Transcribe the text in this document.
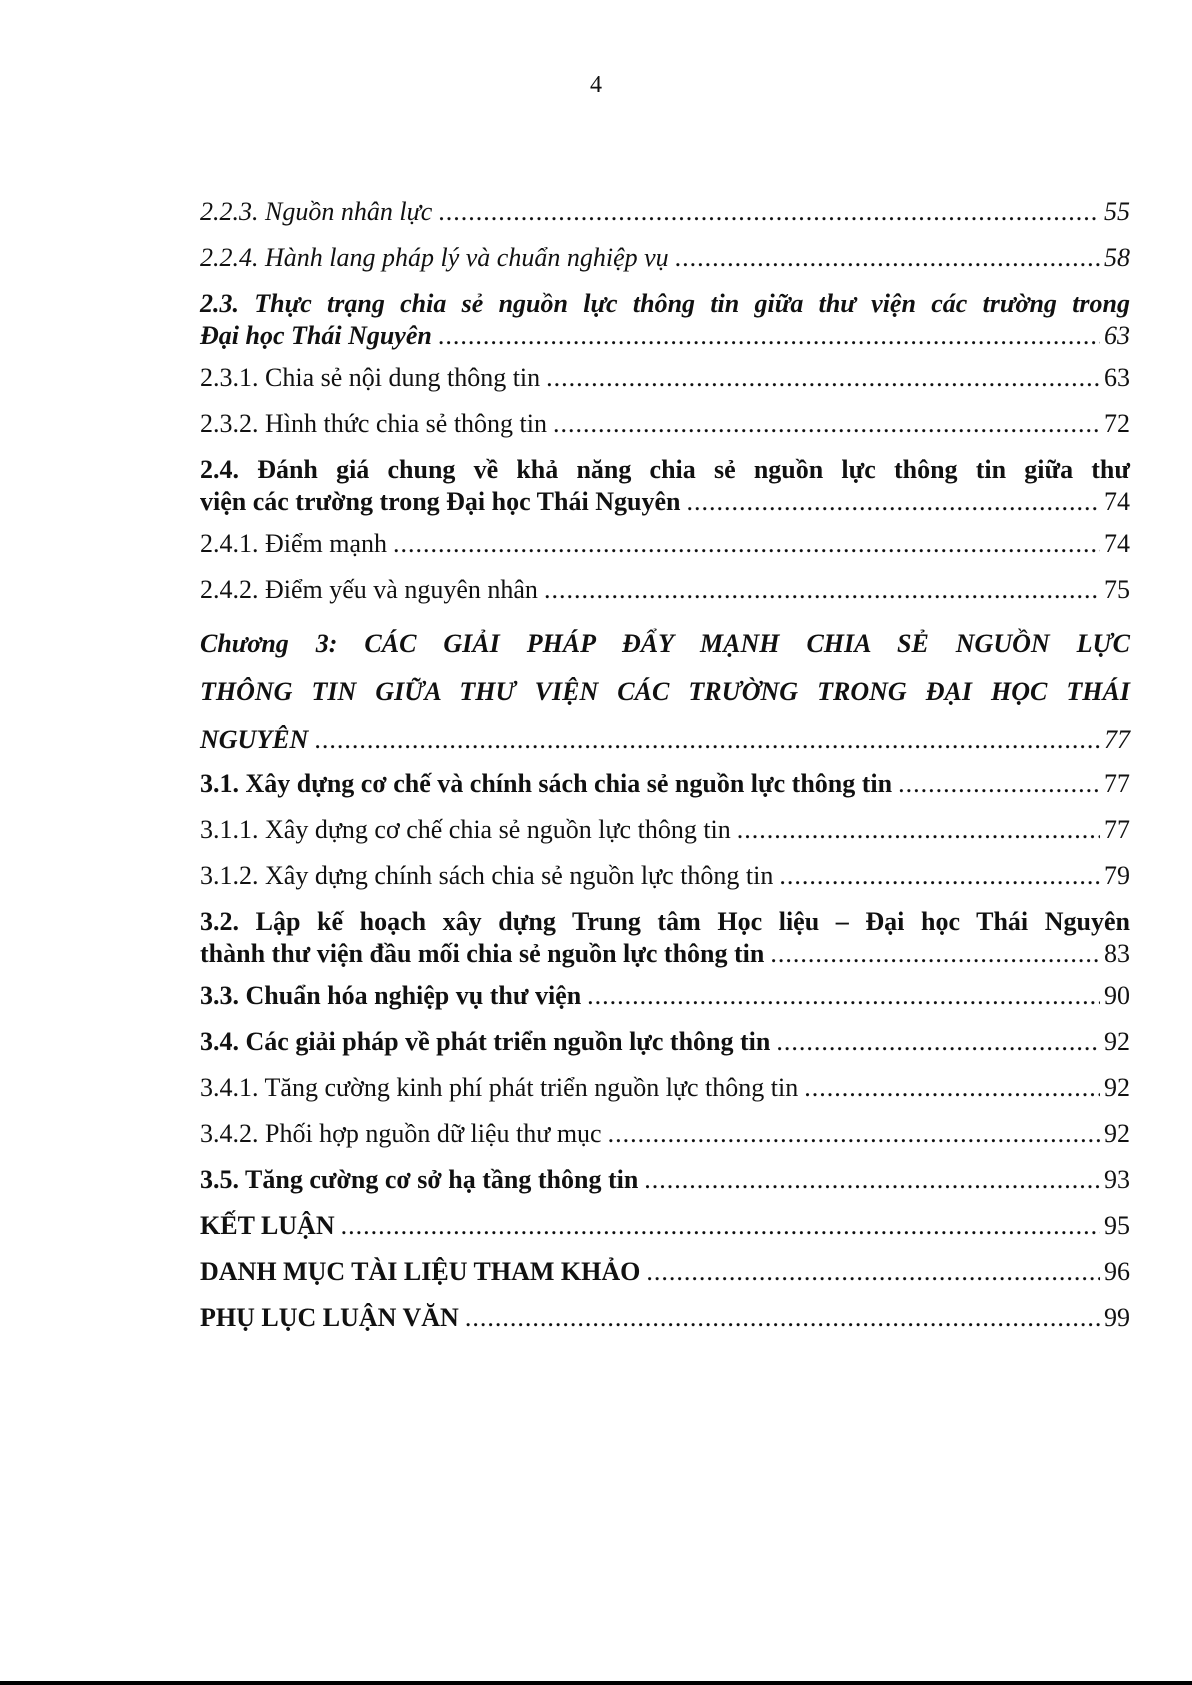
4
2.2.3. Nguồn nhân lực .....	55
2.2.4. Hành lang pháp lý và chuẩn nghiệp vụ .....	58
2.3. Thực trạng chia sẻ nguồn lực thông tin giữa thư viện các trường trong
Đại học Thái Nguyên .....	63
2.3.1. Chia sẻ nội dung thông tin .....	63
2.3.2. Hình thức chia sẻ thông tin .....	72
2.4. Đánh giá chung về khả năng chia sẻ nguồn lực thông tin giữa thư
viện các trường trong Đại học Thái Nguyên .....	74
2.4.1. Điểm mạnh .....	74
2.4.2. Điểm yếu và nguyên nhân .....	75
Chương 3: CÁC GIẢI PHÁP ĐẨY MẠNH CHIA SẺ NGUỒN LỰC
THÔNG TIN GIỮA THƯ VIỆN CÁC TRƯỜNG TRONG ĐẠI HỌC THÁI
NGUYÊN .....	77
3.1. Xây dựng cơ chế và chính sách chia sẻ nguồn lực thông tin .....	77
3.1.1. Xây dựng cơ chế chia sẻ nguồn lực thông tin .....	77
3.1.2. Xây dựng chính sách chia sẻ nguồn lực thông tin .....	79
3.2. Lập kế hoạch xây dựng Trung tâm Học liệu – Đại học Thái Nguyên
thành thư viện đầu mối chia sẻ nguồn lực thông tin .....	83
3.3. Chuẩn hóa nghiệp vụ thư viện .....	90
3.4. Các giải pháp về phát triển nguồn lực thông tin .....	92
3.4.1. Tăng cường kinh phí phát triển nguồn lực thông tin .....	92
3.4.2. Phối hợp nguồn dữ liệu thư mục .....	92
3.5. Tăng cường cơ sở hạ tầng thông tin .....	93
KẾT LUẬN .....	95
DANH MỤC TÀI LIỆU THAM KHẢO .....	96
PHỤ LỤC LUẬN VĂN .....	99
